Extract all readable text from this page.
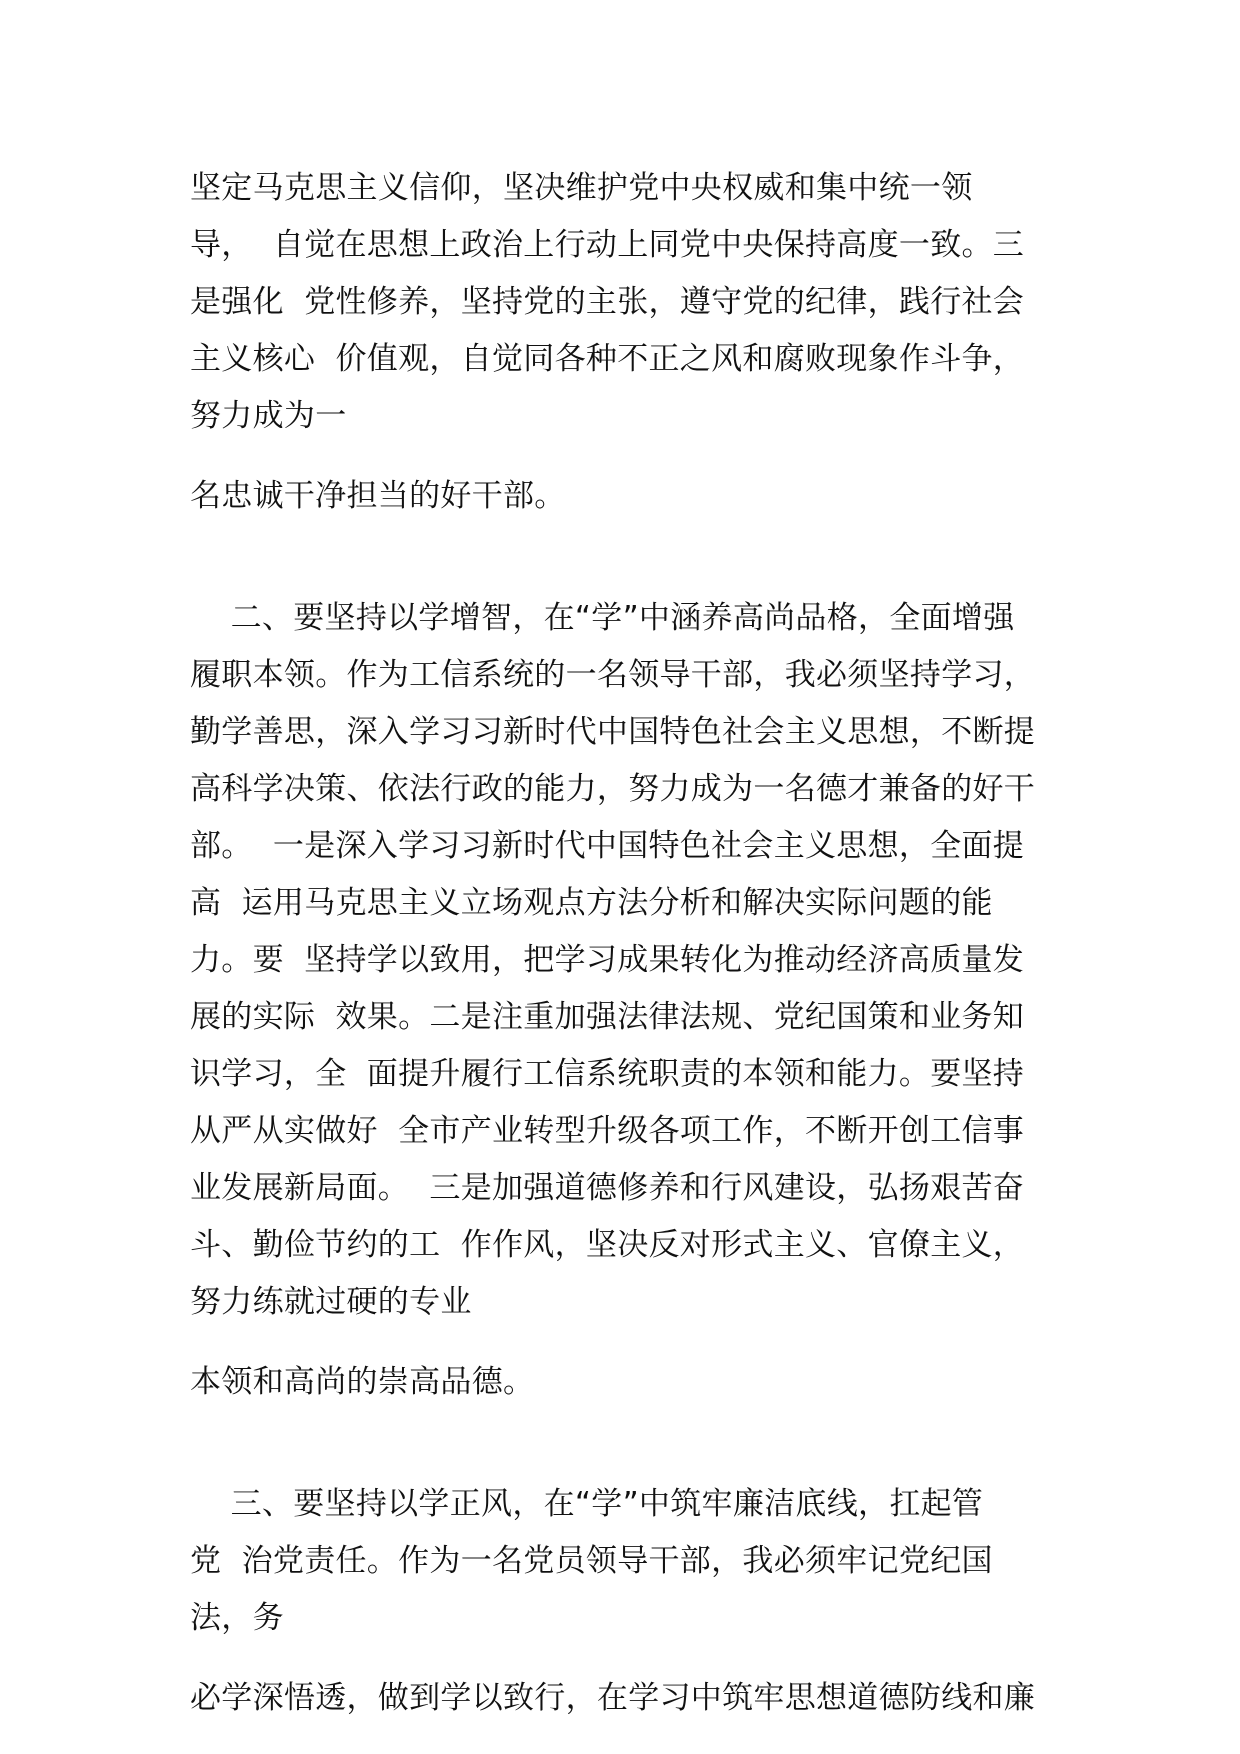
坚定马克思主义信仰，坚决维护党中央权威和集中统一领
导，  自觉在思想上政治上行动上同党中央保持高度一致。三
是强化  党性修养，坚持党的主张，遵守党的纪律，践行社会
主义核心  价值观，自觉同各种不正之风和腐败现象作斗争，
努力成为一
名忠诚干净担当的好干部。
二、要坚持以学增智，在“学”中涵养高尚品格，全面增强
履职本领。作为工信系统的一名领导干部，我必须坚持学习，
勤学善思，深入学习习新时代中国特色社会主义思想，不断提
高科学决策、依法行政的能力，努力成为一名德才兼备的好干
部。  一是深入学习习新时代中国特色社会主义思想，全面提
高  运用马克思主义立场观点方法分析和解决实际问题的能
力。要  坚持学以致用，把学习成果转化为推动经济高质量发
展的实际  效果。二是注重加强法律法规、党纪国策和业务知
识学习，全  面提升履行工信系统职责的本领和能力。要坚持
从严从实做好  全市产业转型升级各项工作，不断开创工信事
业发展新局面。  三是加强道德修养和行风建设，弘扬艰苦奋
斗、勤俭节约的工  作作风，坚决反对形式主义、官僚主义，
努力练就过硬的专业
本领和高尚的崇高品德。
三、要坚持以学正风，在“学”中筑牢廉洁底线，扛起管
党  治党责任。作为一名党员领导干部，我必须牢记党纪国
法，务
必学深悟透，做到学以致行，在学习中筑牢思想道德防线和廉
